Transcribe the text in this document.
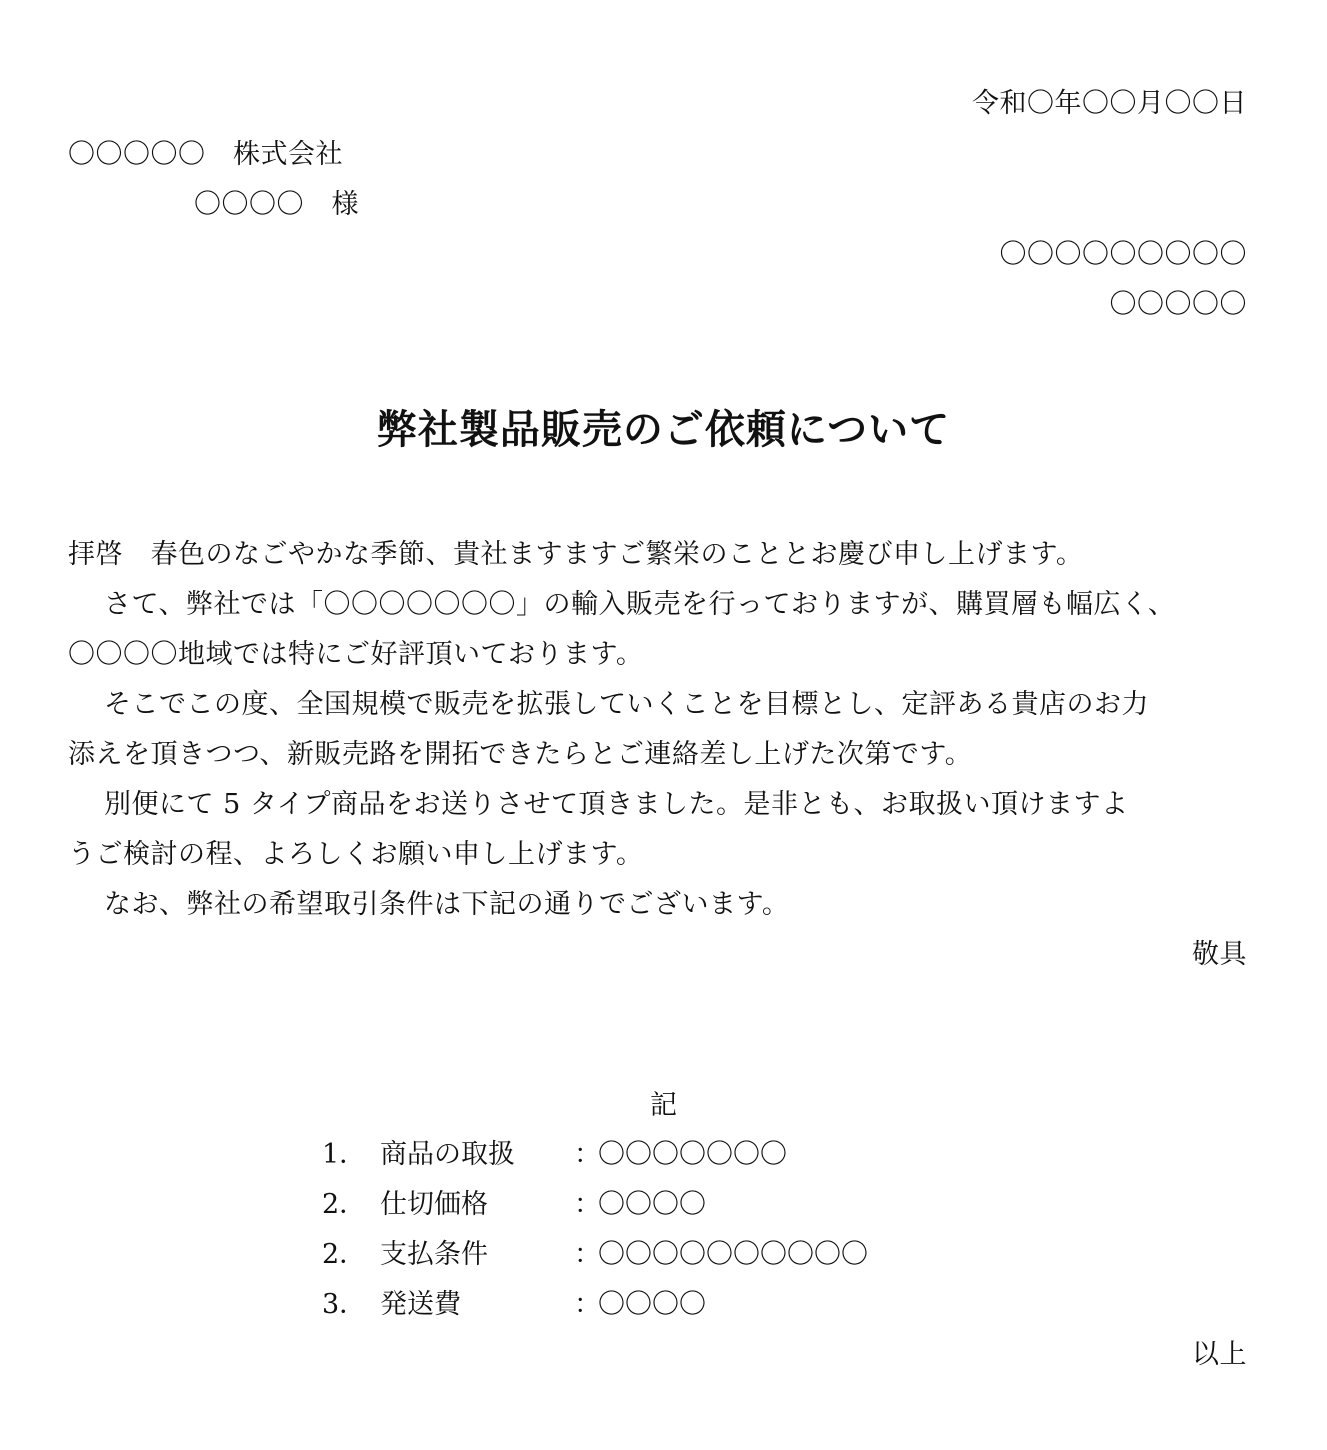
令和〇年〇〇月〇〇日
〇〇〇〇〇　株式会社
〇〇〇〇　様
〇〇〇〇〇〇〇〇〇
〇〇〇〇〇
弊社製品販売のご依頼について
拝啓　春色のなごやかな季節、貴社ますますご繁栄のこととお慶び申し上げます。
さて、弊社では「〇〇〇〇〇〇〇」の輸入販売を行っておりますが、購買層も幅広く、
〇〇〇〇地域では特にご好評頂いております。
そこでこの度、全国規模で販売を拡張していくことを目標とし、定評ある貴店のお力
添えを頂きつつ、新販売路を開拓できたらとご連絡差し上げた次第です。
別便にて 5 タイプ商品をお送りさせて頂きました。是非とも、お取扱い頂けますよ
うご検討の程、よろしくお願い申し上げます。
なお、弊社の希望取引条件は下記の通りでございます。
敬具
記
1． 商品の取扱 ：
〇〇〇〇〇〇〇
2． 仕切価格	：
〇〇〇〇
2． 支払条件	：
〇〇〇〇〇〇〇〇〇〇
3． 発送費	：
〇〇〇〇
以上
